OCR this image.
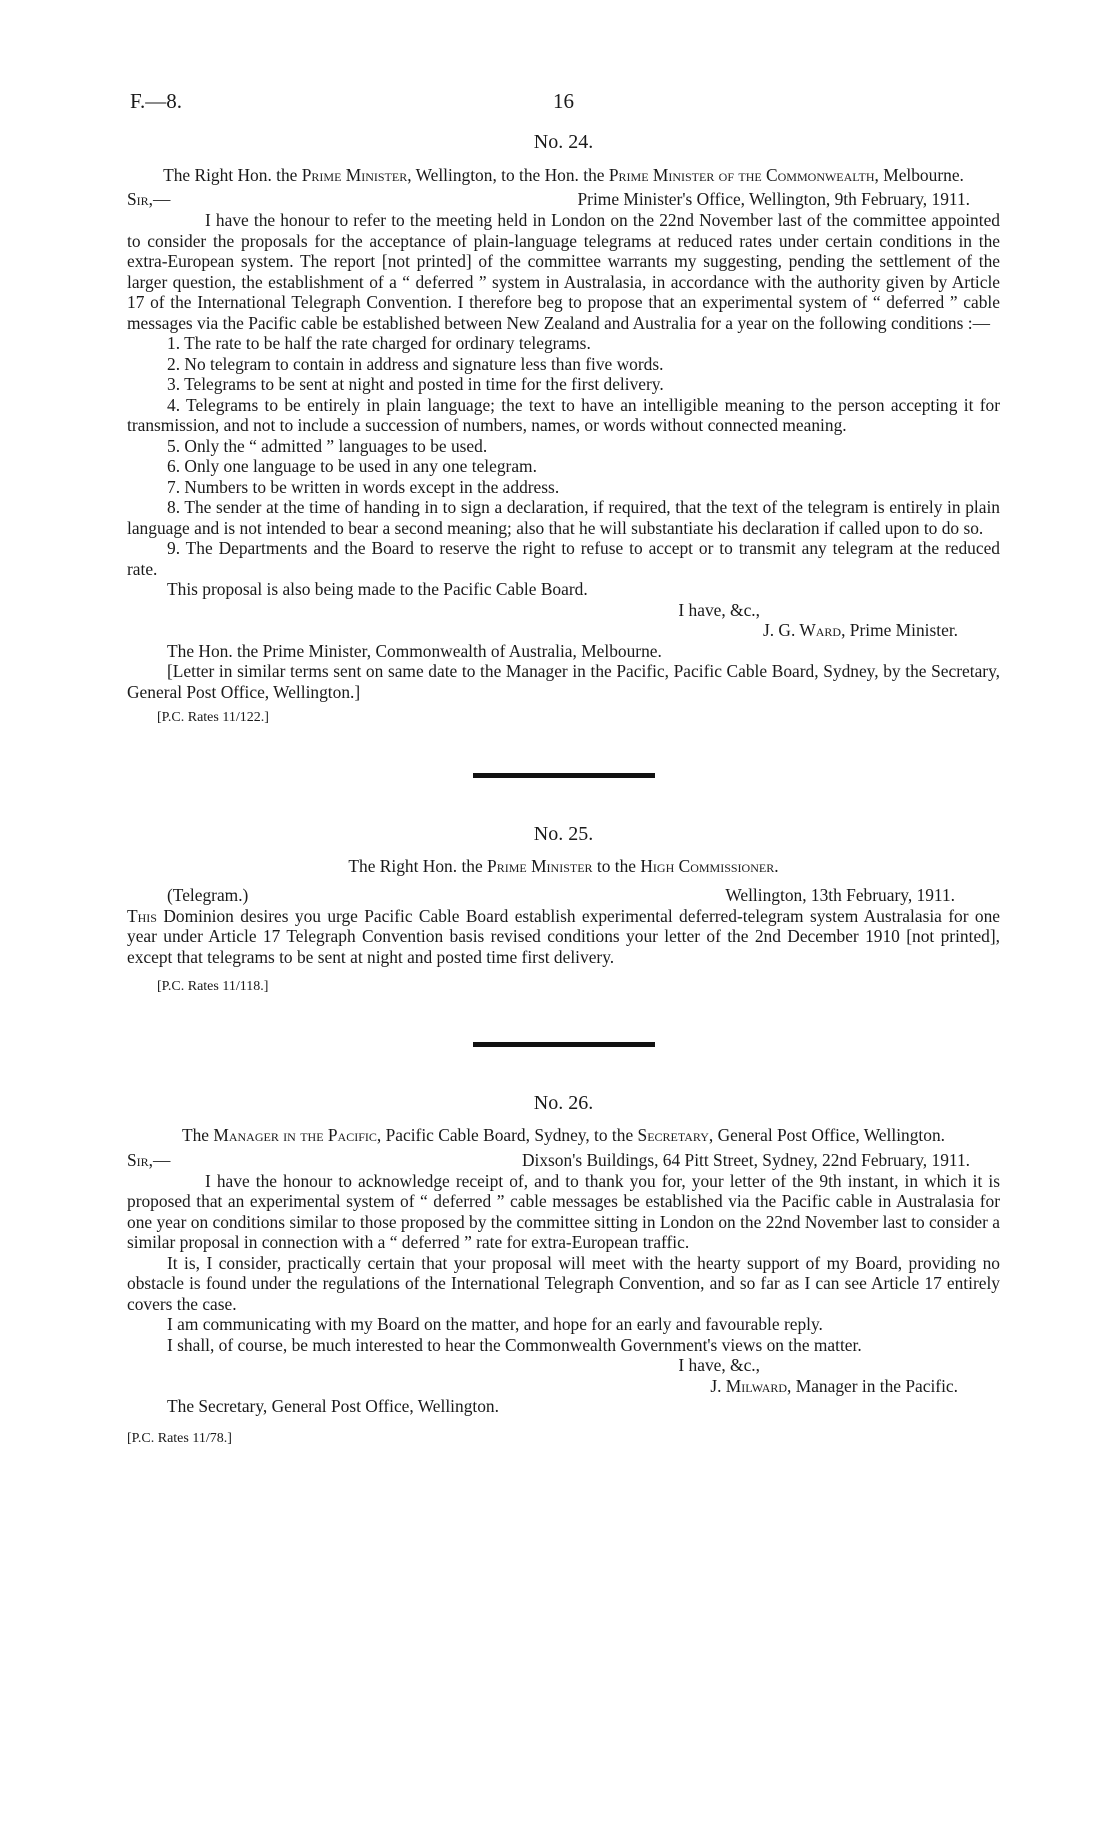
F.—8.	16
No. 24.

The Right Hon. the Prime Minister, Wellington, to the Hon. the Prime Minister of the Commonwealth, Melbourne.

Sir,—	Prime Minister's Office, Wellington, 9th February, 1911.

I have the honour to refer to the meeting held in London on the 22nd November last of the committee appointed to consider the proposals for the acceptance of plain-language telegrams at reduced rates under certain conditions in the extra-European system. The report [not printed] of the committee warrants my suggesting, pending the settlement of the larger question, the establishment of a “ deferred ” system in Australasia, in accordance with the authority given by Article 17 of the International Telegraph Convention. I therefore beg to propose that an experimental system of “ deferred ” cable messages via the Pacific cable be established between New Zealand and Australia for a year on the following conditions :—

1. The rate to be half the rate charged for ordinary telegrams.

2. No telegram to contain in address and signature less than five words.

3. Telegrams to be sent at night and posted in time for the first delivery.

4. Telegrams to be entirely in plain language; the text to have an intelligible meaning to the person accepting it for transmission, and not to include a succession of numbers, names, or words without connected meaning.

5. Only the “ admitted ” languages to be used.

6. Only one language to be used in any one telegram.

7. Numbers to be written in words except in the address.

8. The sender at the time of handing in to sign a declaration, if required, that the text of the telegram is entirely in plain language and is not intended to bear a second meaning; also that he will substantiate his declaration if called upon to do so.

9. The Departments and the Board to reserve the right to refuse to accept or to transmit any telegram at the reduced rate.

This proposal is also being made to the Pacific Cable Board.

I have, &c.,

J. G. Ward, Prime Minister.

The Hon. the Prime Minister, Commonwealth of Australia, Melbourne.

[Letter in similar terms sent on same date to the Manager in the Pacific, Pacific Cable Board, Sydney, by the Secretary, General Post Office, Wellington.]

[P.C. Rates 11/122.]
No. 25.

The Right Hon. the Prime Minister to the High Commissioner.

(Telegram.)	Wellington, 13th February, 1911.

This Dominion desires you urge Pacific Cable Board establish experimental deferred-telegram system Australasia for one year under Article 17 Telegraph Convention basis revised conditions your letter of the 2nd December 1910 [not printed], except that telegrams to be sent at night and posted time first delivery.

[P.C. Rates 11/118.]
No. 26.

The Manager in the Pacific, Pacific Cable Board, Sydney, to the Secretary, General Post Office, Wellington.

Sir,—	Dixson's Buildings, 64 Pitt Street, Sydney, 22nd February, 1911.

I have the honour to acknowledge receipt of, and to thank you for, your letter of the 9th instant, in which it is proposed that an experimental system of “ deferred ” cable messages be established via the Pacific cable in Australasia for one year on conditions similar to those proposed by the committee sitting in London on the 22nd November last to consider a similar proposal in connection with a “ deferred ” rate for extra-European traffic.

It is, I consider, practically certain that your proposal will meet with the hearty support of my Board, providing no obstacle is found under the regulations of the International Telegraph Convention, and so far as I can see Article 17 entirely covers the case.

I am communicating with my Board on the matter, and hope for an early and favourable reply.

I shall, of course, be much interested to hear the Commonwealth Government's views on the matter.

I have, &c.,

J. Milward, Manager in the Pacific.

The Secretary, General Post Office, Wellington.

[P.C. Rates 11/78.]
